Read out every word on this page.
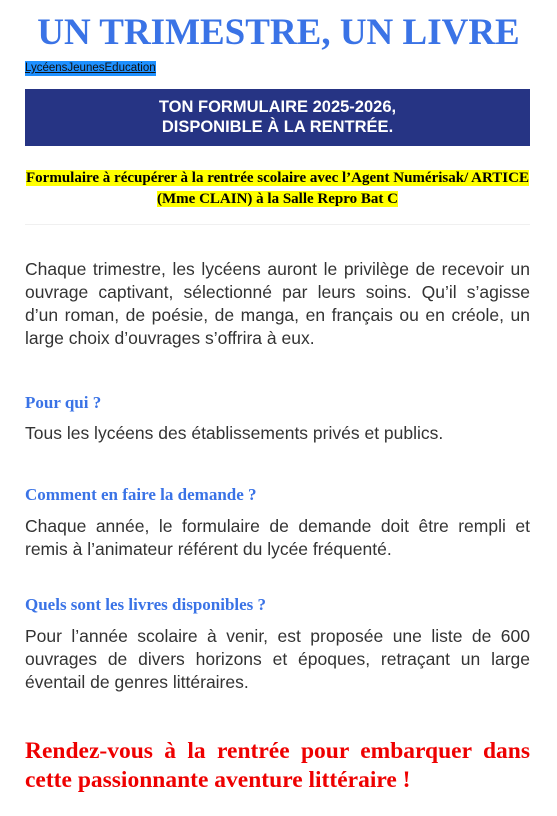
UN TRIMESTRE, UN LIVRE
LycéensJeunesEducation
TON FORMULAIRE 2025-2026,
DISPONIBLE À LA RENTRÉE.
Formulaire à récupérer à la rentrée scolaire avec l’Agent Numérisak/ ARTICE (Mme CLAIN) à la Salle Repro Bat C

Chaque trimestre, les lycéens auront le privilège de recevoir un ouvrage captivant, sélectionné par leurs soins. Qu’il s’agisse d’un roman, de poésie, de manga, en français ou en créole, un large choix d’ouvrages s’offrira à eux.

Pour qui ?

Tous les lycéens des établissements privés et publics.

Comment en faire la demande ?

Chaque année, le formulaire de demande doit être rempli et remis à l’animateur référent du lycée fréquenté.

Quels sont les livres disponibles ?

Pour l’année scolaire à venir, est proposée une liste de 600 ouvrages de divers horizons et époques, retraçant un large éventail de genres littéraires.

Rendez-vous à la rentrée pour embarquer dans cette passionnante aventure littéraire !
